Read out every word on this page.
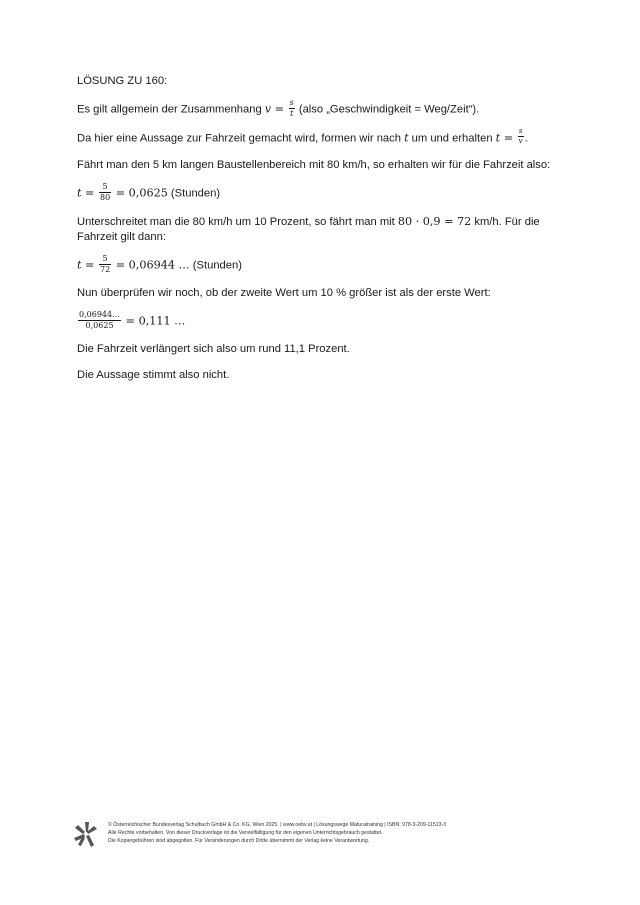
LÖSUNG ZU 160:

Es gilt allgemein der Zusammenhang $v = \frac{s}{t}$ (also „Geschwindigkeit = Weg/Zeit“).

Da hier eine Aussage zur Fahrzeit gemacht wird, formen wir nach t um und erhalten $t = \frac{s}{v}$ .

Fährt man den 5 km langen Baustellenbereich mit 80 km/h, so erhalten wir für die Fahrzeit also:

$t = \frac{5}{80} = 0,0625$ (Stunden)

Unterschreitet man die 80 km/h um 10 Prozent, so fährt man mit 80 · 0,9 = 72 km/h. Für die Fahrzeit gilt dann:

$t = \frac{5}{72} = 0,06944$ … (Stunden)

Nun überprüfen wir noch, ob der zweite Wert um 10 % größer ist als der erste Wert:

$\frac{0,06944\dots}{0,0625} = 0,111$ …

Die Fahrzeit verlängert sich also um rund 11,1 Prozent.

Die Aussage stimmt also nicht.

© Österreichischer Bundesverlag Schulbuch GmbH & Co. KG, Wien 2025. | www.oebv.at | Lösungswege Maturatraining | ISBN: 978-3-209-11513-3
Alle Rechte vorbehalten. Von dieser Druckvorlage ist die Vervielfältigung für den eigenen Unterrichtsgebrauch gestattet.
Die Kopiergebühren sind abgegolten. Für Veränderungen durch Dritte übernimmt der Verlag keine Verantwortung.
